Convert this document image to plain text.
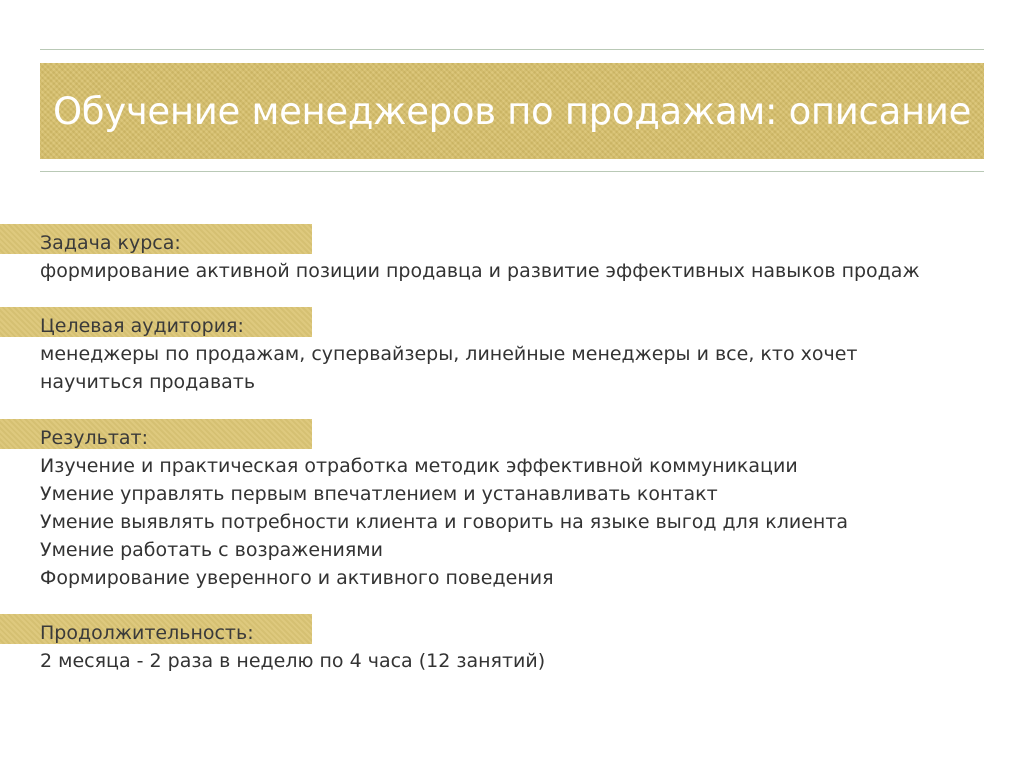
Обучение менеджеров по продажам: описание
Задача курса:
формирование активной позиции продавца и развитие эффективных навыков продаж
Целевая аудитория:
менеджеры по продажам, супервайзеры, линейные менеджеры и все, кто хочет
научиться продавать
Результат:
Изучение и практическая отработка методик эффективной коммуникации
Умение управлять первым впечатлением и устанавливать контакт
Умение выявлять потребности клиента и говорить на языке выгод для клиента
Умение работать с возражениями
Формирование уверенного и активного поведения
Продолжительность:
2 месяца - 2 раза в неделю по 4 часа (12 занятий)
